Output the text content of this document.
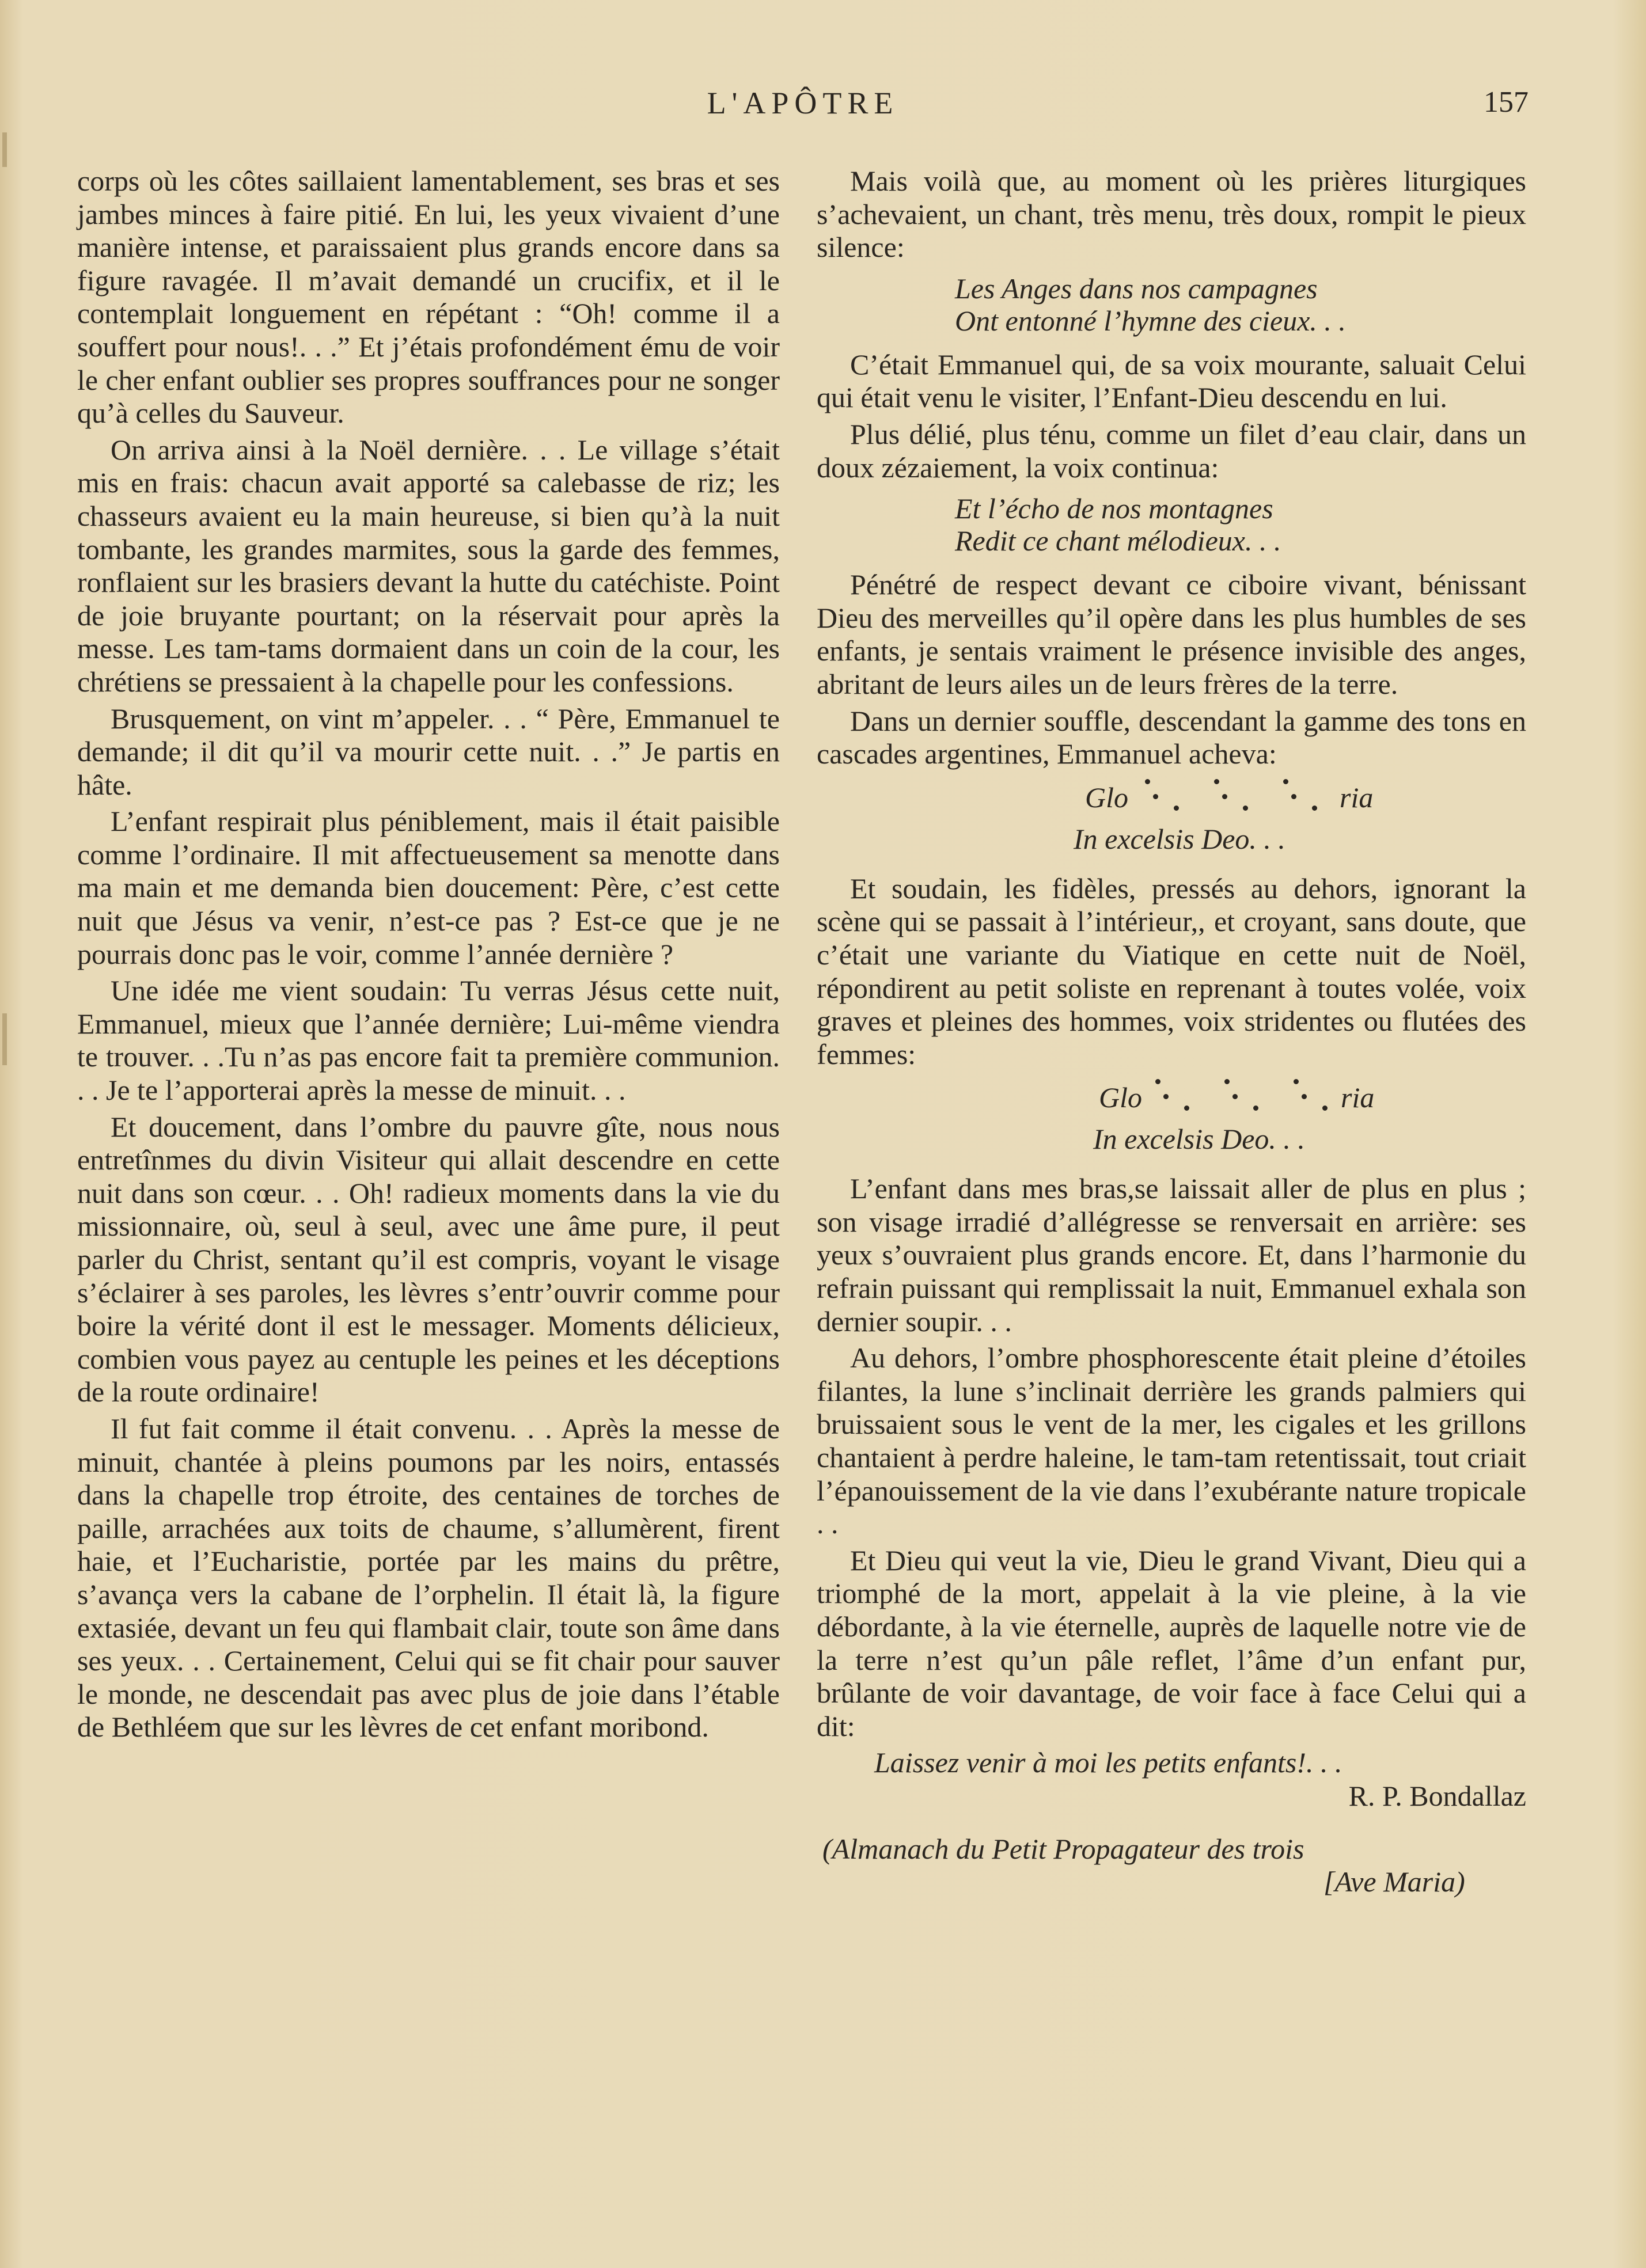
L'APÔTRE	157

corps où les côtes saillaient lamentablement, ses bras et ses jambes minces à faire pitié. En lui, les yeux vivaient d’une manière intense, et paraissaient plus grands encore dans sa figure ravagée. Il m’avait demandé un crucifix, et il le contemplait longuement en répétant : “Oh! comme il a souffert pour nous!. . .” Et j’étais profondément ému de voir le cher enfant oublier ses propres souffrances pour ne songer qu’à celles du Sauveur.

On arriva ainsi à la Noël dernière. . . Le village s’était mis en frais: chacun avait apporté sa calebasse de riz; les chasseurs avaient eu la main heureuse, si bien qu’à la nuit tombante, les grandes marmites, sous la garde des femmes, ronflaient sur les brasiers devant la hutte du catéchiste. Point de joie bruyante pourtant; on la réservait pour après la messe. Les tam-tams dormaient dans un coin de la cour, les chrétiens se pressaient à la chapelle pour les confessions.

Brusquement, on vint m’appeler. . . “ Père, Emmanuel te demande; il dit qu’il va mourir cette nuit. . .” Je partis en hâte.

L’enfant respirait plus péniblement, mais il était paisible comme l’ordinaire. Il mit affectueusement sa menotte dans ma main et me demanda bien doucement: Père, c’est cette nuit que Jésus va venir, n’est-ce pas ? Est-ce que je ne pourrais donc pas le voir, comme l’année dernière ?

Une idée me vient soudain: Tu verras Jésus cette nuit, Emmanuel, mieux que l’année dernière; Lui-même viendra te trouver. . .Tu n’as pas encore fait ta première communion. . . Je te l’apporterai après la messe de minuit. . .

Et doucement, dans l’ombre du pauvre gîte, nous nous entretînmes du divin Visiteur qui allait descendre en cette nuit dans son cœur. . . Oh! radieux moments dans la vie du missionnaire, où, seul à seul, avec une âme pure, il peut parler du Christ, sentant qu’il est compris, voyant le visage s’éclairer à ses paroles, les lèvres s’entr’ouvrir comme pour boire la vérité dont il est le messager. Moments délicieux, combien vous payez au centuple les peines et les déceptions de la route ordinaire!

Il fut fait comme il était convenu. . . Après la messe de minuit, chantée à pleins poumons par les noirs, entassés dans la chapelle trop étroite, des centaines de torches de paille, arrachées aux toits de chaume, s’allumèrent, firent haie, et l’Eucharistie, portée par les mains du prêtre, s’avança vers la cabane de l’orphelin. Il était là, la figure extasiée, devant un feu qui flambait clair, toute son âme dans ses yeux. . . Certainement, Celui qui se fit chair pour sauver le monde, ne descendait pas avec plus de joie dans l’étable de Bethléem que sur les lèvres de cet enfant moribond.

Mais voilà que, au moment où les prières liturgiques s’achevaient, un chant, très menu, très doux, rompit le pieux silence:

Les Anges dans nos campagnes
Ont entonné l’hymne des cieux. . .

C’était Emmanuel qui, de sa voix mourante, saluait Celui qui était venu le visiter, l’Enfant-Dieu descendu en lui.

Plus délié, plus ténu, comme un filet d’eau clair, dans un doux zézaiement, la voix continua:

Et l’écho de nos montagnes
Redit ce chant mélodieux. . .

Pénétré de respect devant ce ciboire vivant, bénissant Dieu des merveilles qu’il opère dans les plus humbles de ses enfants, je sentais vraiment le présence invisible des anges, abritant de leurs ailes un de leurs frères de la terre.

Dans un dernier souffle, descendant la gamme des tons en cascades argentines, Emmanuel acheva:

Glo	ria
In excelsis Deo. . .

Et soudain, les fidèles, pressés au dehors, ignorant la scène qui se passait à l’intérieur,, et croyant, sans doute, que c’était une variante du Viatique en cette nuit de Noël, répondirent au petit soliste en reprenant à toutes volée, voix graves et pleines des hommes, voix stridentes ou flutées des femmes:

Glo	ria
In excelsis Deo. . .

L’enfant dans mes bras,se laissait aller de plus en plus ; son visage irradié d’allégresse se renversait en arrière: ses yeux s’ouvraient plus grands encore. Et, dans l’harmonie du refrain puissant qui remplissait la nuit, Emmanuel exhala son dernier soupir. . .

Au dehors, l’ombre phosphorescente était pleine d’étoiles filantes, la lune s’inclinait derrière les grands palmiers qui bruissaient sous le vent de la mer, les cigales et les grillons chantaient à perdre haleine, le tam-tam retentissait, tout criait l’épanouissement de la vie dans l’exubérante nature tropicale . .

Et Dieu qui veut la vie, Dieu le grand Vivant, Dieu qui a triomphé de la mort, appelait à la vie pleine, à la vie débordante, à la vie éternelle, auprès de laquelle notre vie de la terre n’est qu’un pâle reflet, l’âme d’un enfant pur, brûlante de voir davantage, de voir face à face Celui qui a dit:

Laissez venir à moi les petits enfants!. . .
R. P. Bondallaz
(Almanach du Petit Propagateur des trois
[Ave Maria)
